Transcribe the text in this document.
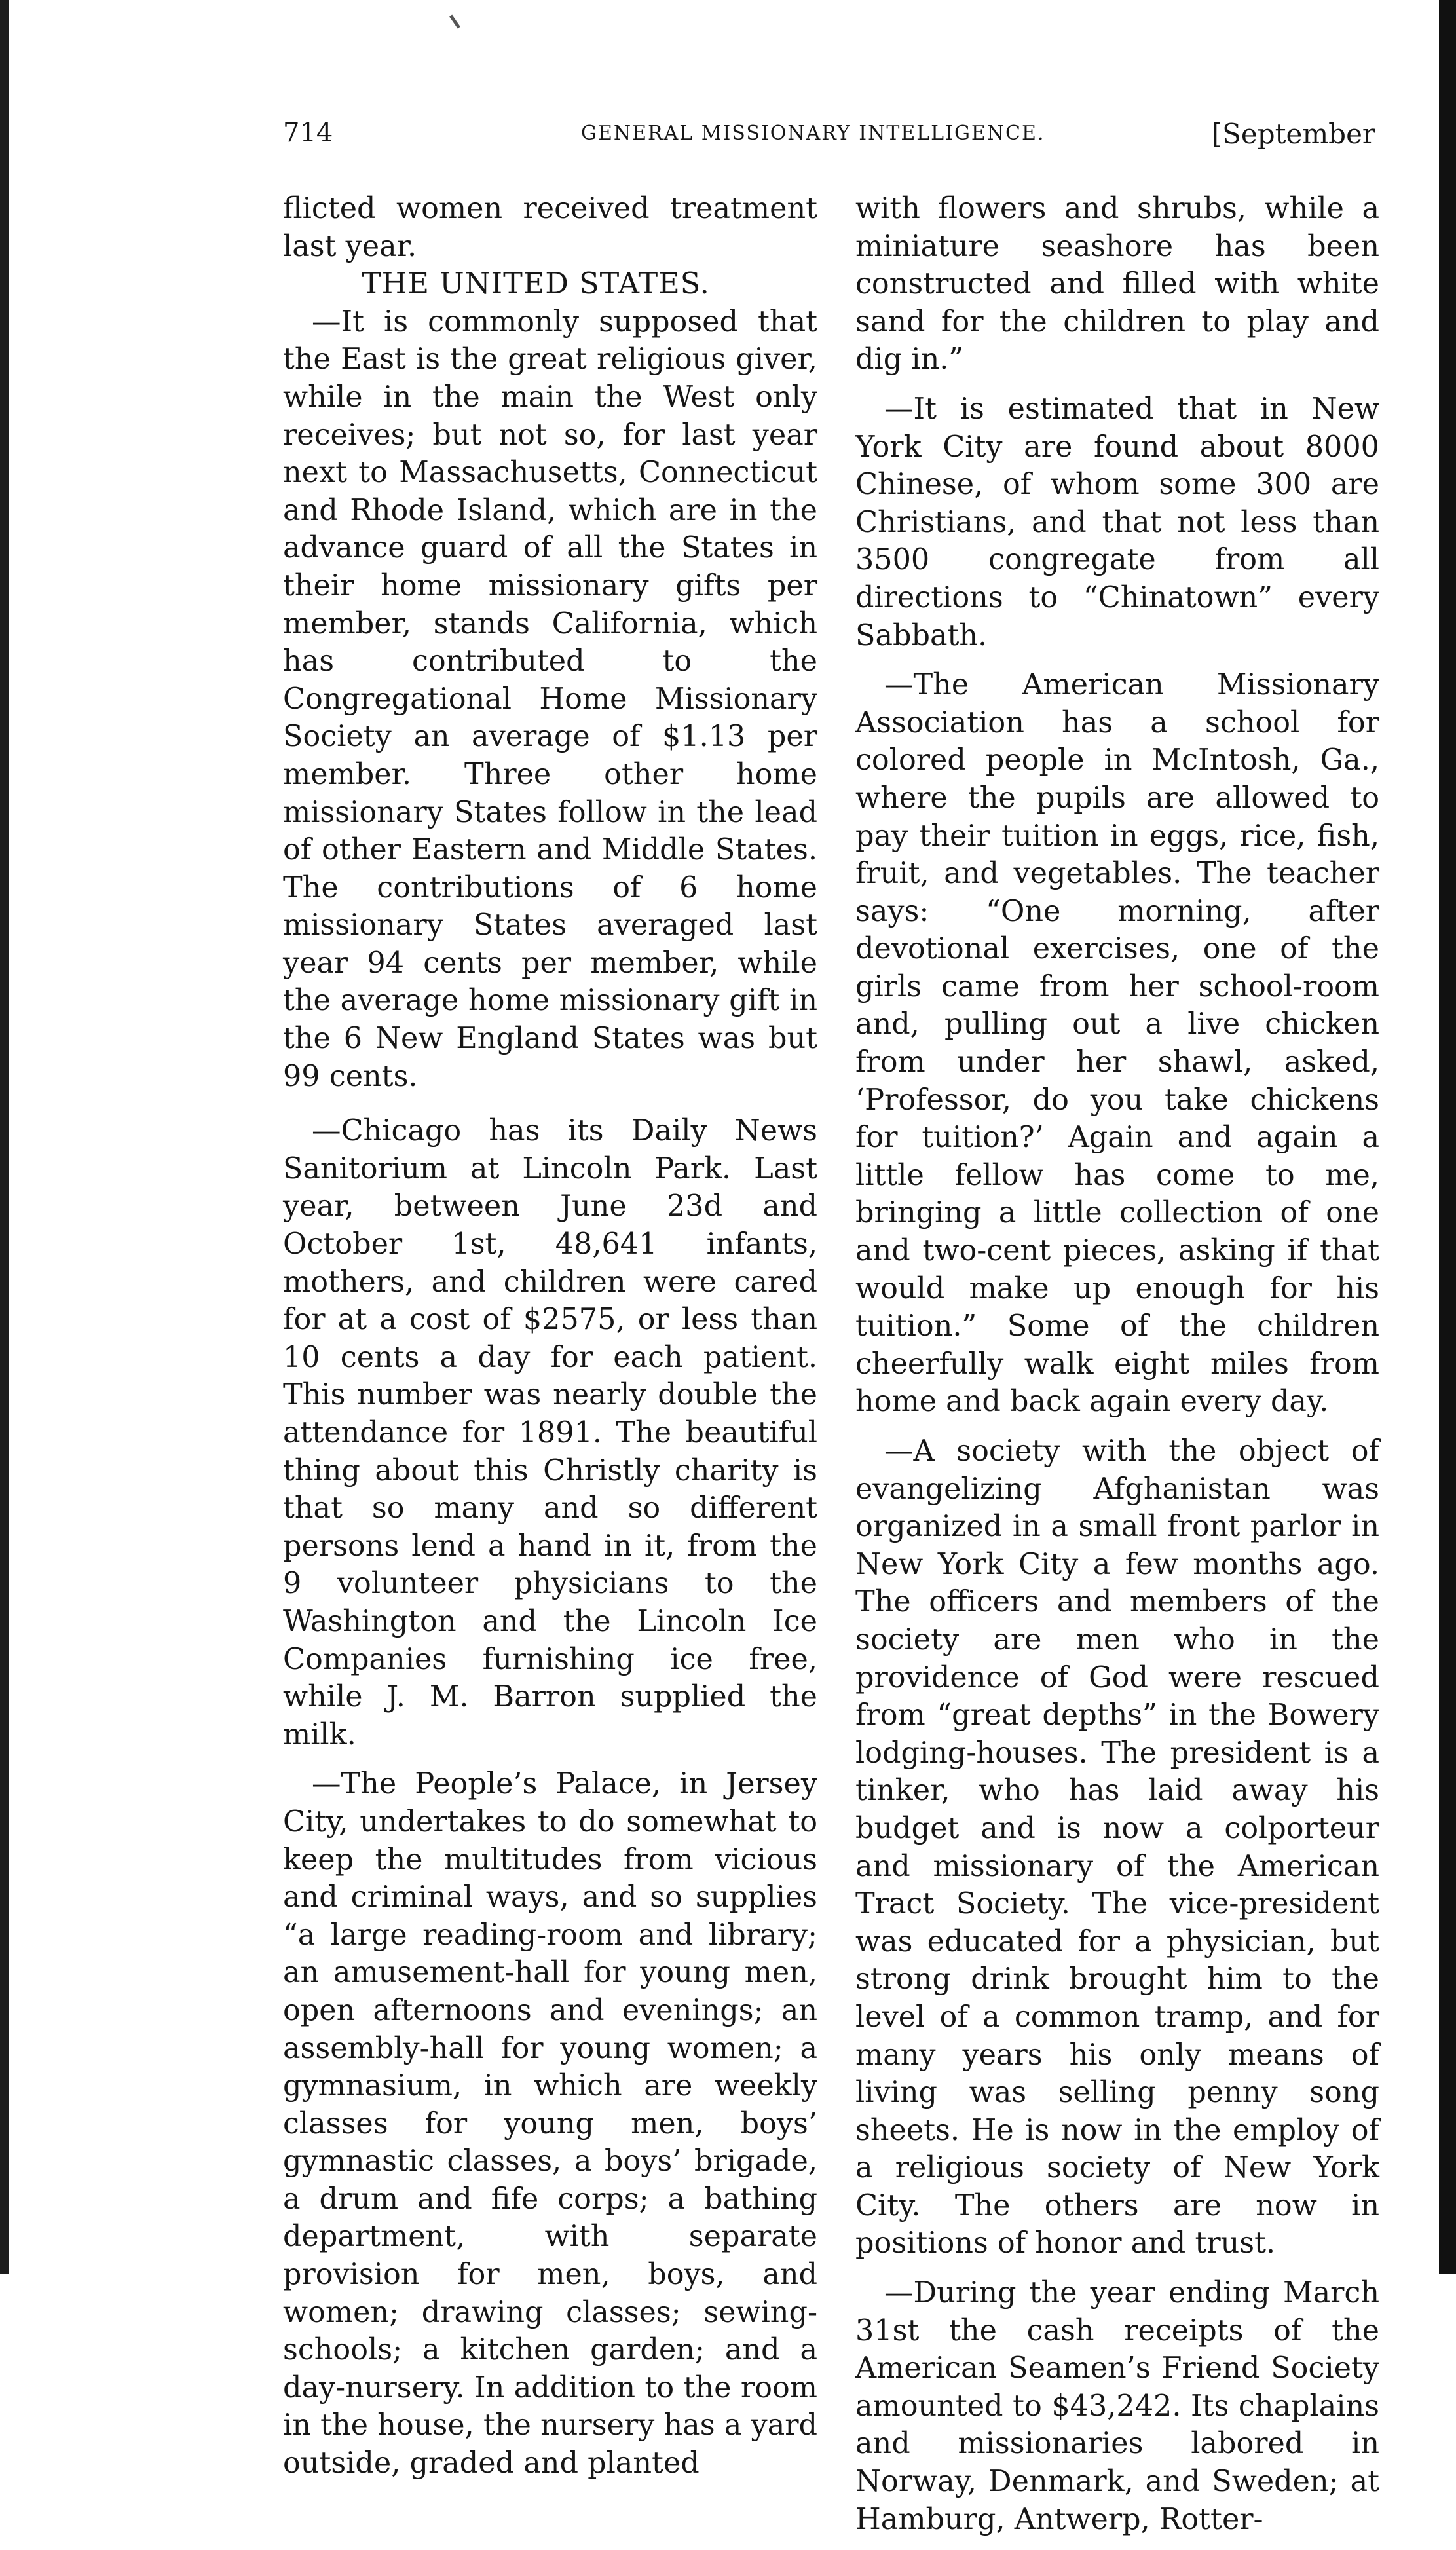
714	GENERAL MISSIONARY INTELLIGENCE.	[September

flicted women received treatment last year.

THE UNITED STATES.

—It is commonly supposed that the East is the great religious giver, while in the main the West only receives; but not so, for last year next to Massachusetts, Connecticut and Rhode Island, which are in the advance guard of all the States in their home missionary gifts per member, stands California, which has contributed to the Congregational Home Missionary Society an average of $1.13 per member. Three other home missionary States follow in the lead of other Eastern and Middle States. The contributions of 6 home missionary States averaged last year 94 cents per member, while the average home missionary gift in the 6 New England States was but 99 cents.

—Chicago has its Daily News Sanitorium at Lincoln Park. Last year, between June 23d and October 1st, 48,641 infants, mothers, and children were cared for at a cost of $2575, or less than 10 cents a day for each patient. This number was nearly double the attendance for 1891. The beautiful thing about this Christly charity is that so many and so different persons lend a hand in it, from the 9 volunteer physicians to the Washington and the Lincoln Ice Companies furnishing ice free, while J. M. Barron supplied the milk.

—The People’s Palace, in Jersey City, undertakes to do somewhat to keep the multitudes from vicious and criminal ways, and so supplies “a large reading-room and library; an amusement-hall for young men, open afternoons and evenings; an assembly-hall for young women; a gymnasium, in which are weekly classes for young men, boys’ gymnastic classes, a boys’ brigade, a drum and fife corps; a bathing department, with separate provision for men, boys, and women; drawing classes; sewing-schools; a kitchen garden; and a day-nursery. In addition to the room in the house, the nursery has a yard outside, graded and planted

with flowers and shrubs, while a miniature seashore has been constructed and filled with white sand for the children to play and dig in.”

—It is estimated that in New York City are found about 8000 Chinese, of whom some 300 are Christians, and that not less than 3500 congregate from all directions to “Chinatown” every Sabbath.

—The American Missionary Association has a school for colored people in McIntosh, Ga., where the pupils are allowed to pay their tuition in eggs, rice, fish, fruit, and vegetables. The teacher says: “One morning, after devotional exercises, one of the girls came from her school-room and, pulling out a live chicken from under her shawl, asked, ‘Professor, do you take chickens for tuition?’ Again and again a little fellow has come to me, bringing a little collection of one and two-cent pieces, asking if that would make up enough for his tuition.” Some of the children cheerfully walk eight miles from home and back again every day.

—A society with the object of evangelizing Afghanistan was organized in a small front parlor in New York City a few months ago. The officers and members of the society are men who in the providence of God were rescued from “great depths” in the Bowery lodging-houses. The president is a tinker, who has laid away his budget and is now a colporteur and missionary of the American Tract Society. The vice-president was educated for a physician, but strong drink brought him to the level of a common tramp, and for many years his only means of living was selling penny song sheets. He is now in the employ of a religious society of New York City. The others are now in positions of honor and trust.

—During the year ending March 31st the cash receipts of the American Seamen’s Friend Society amounted to $43,242. Its chaplains and missionaries labored in Norway, Denmark, and Sweden; at Hamburg, Antwerp, Rotter-
